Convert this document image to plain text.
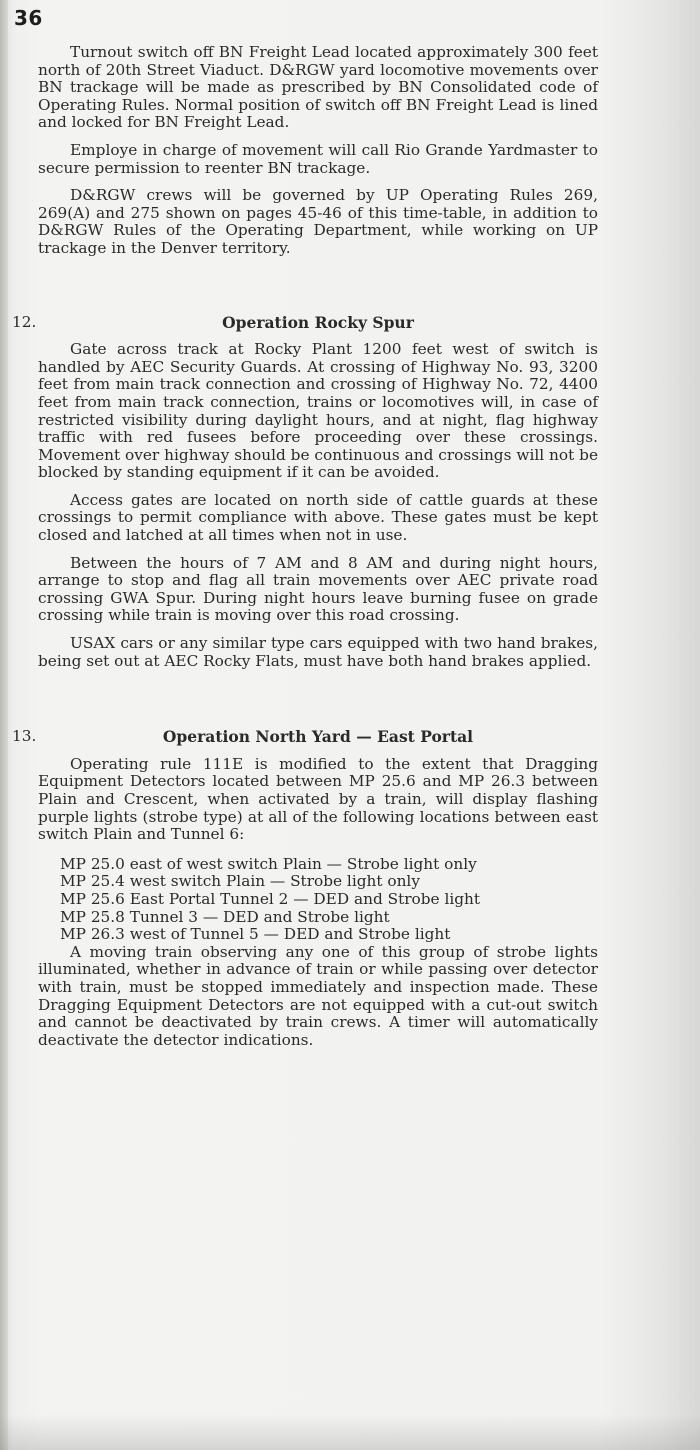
36

Turnout switch off BN Freight Lead located approximately 300 feet north of 20th Street Viaduct. D&RGW yard locomotive movements over BN trackage will be made as prescribed by BN Consolidated code of Operating Rules. Normal position of switch off BN Freight Lead is lined and locked for BN Freight Lead.

Employe in charge of movement will call Rio Grande Yardmaster to secure permission to reenter BN trackage.

D&RGW crews will be governed by UP Operating Rules 269, 269(A) and 275 shown on pages 45-46 of this time-table, in addition to D&RGW Rules of the Operating Department, while working on UP trackage in the Denver territory.

12.	Operation Rocky Spur

Gate across track at Rocky Plant 1200 feet west of switch is handled by AEC Security Guards. At crossing of Highway No. 93, 3200 feet from main track connection and crossing of Highway No. 72, 4400 feet from main track connection, trains or locomotives will, in case of restricted visibility during daylight hours, and at night, flag highway traffic with red fusees before proceeding over these crossings. Movement over highway should be continuous and crossings will not be blocked by standing equipment if it can be avoided.

Access gates are located on north side of cattle guards at these crossings to permit compliance with above. These gates must be kept closed and latched at all times when not in use.

Between the hours of 7 AM and 8 AM and during night hours, arrange to stop and flag all train movements over AEC private road crossing GWA Spur. During night hours leave burning fusee on grade crossing while train is moving over this road crossing.

USAX cars or any similar type cars equipped with two hand brakes, being set out at AEC Rocky Flats, must have both hand brakes applied.

13.	Operation North Yard — East Portal

Operating rule 111E is modified to the extent that Dragging Equipment Detectors located between MP 25.6 and MP 26.3 between Plain and Crescent, when activated by a train, will display flashing purple lights (strobe type) at all of the following locations between east switch Plain and Tunnel 6:

MP 25.0 east of west switch Plain — Strobe light only
MP 25.4 west switch Plain — Strobe light only
MP 25.6 East Portal Tunnel 2 — DED and Strobe light
MP 25.8 Tunnel 3 — DED and Strobe light
MP 26.3 west of Tunnel 5 — DED and Strobe light

A moving train observing any one of this group of strobe lights illuminated, whether in advance of train or while passing over detector with train, must be stopped immediately and inspection made. These Dragging Equipment Detectors are not equipped with a cut-out switch and cannot be deactivated by train crews. A timer will automatically deactivate the detector indications.
